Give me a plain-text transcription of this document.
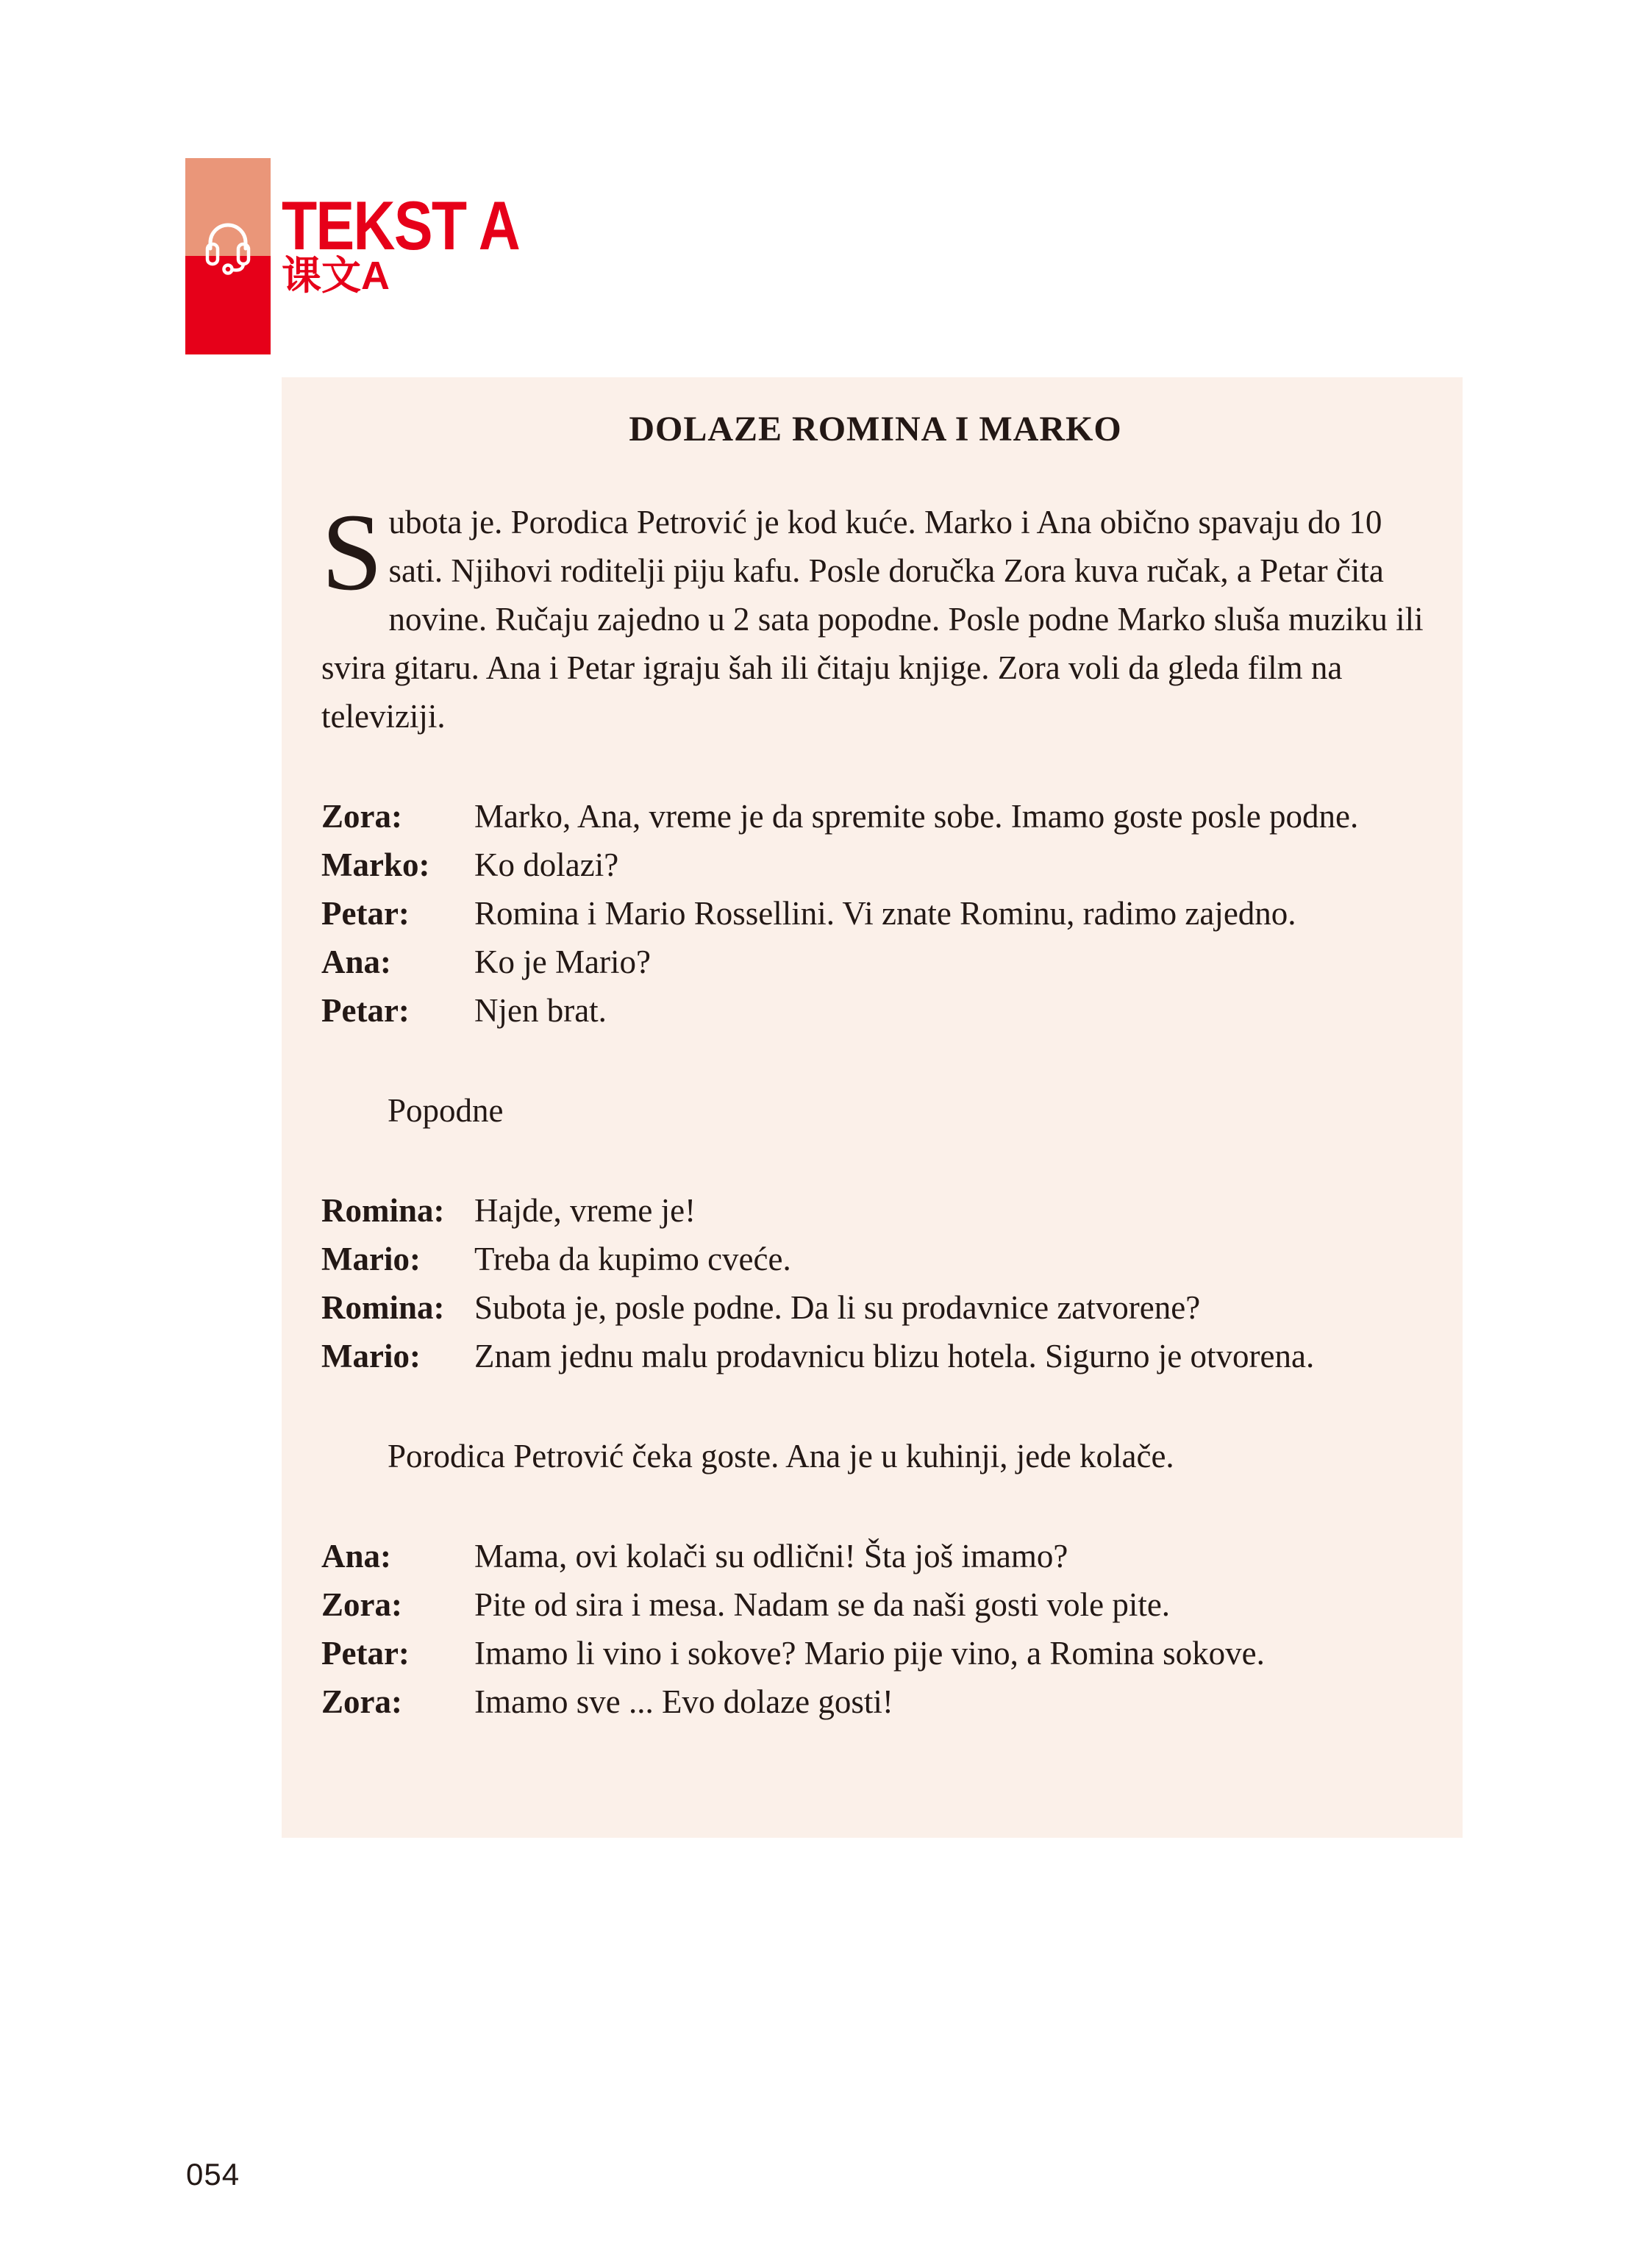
TEKST A
课文A

DOLAZE ROMINA I MARKO

Subota je. Porodica Petrović je kod kuće. Marko i Ana obično spavaju do 10 sati. Njihovi roditelji piju kafu. Posle doručka Zora kuva ručak, a Petar čita novine. Ručaju zajedno u 2 sata popodne. Posle podne Marko sluša muziku ili svira gitaru. Ana i Petar igraju šah ili čitaju knjige. Zora voli da gleda film na televiziji.

Zora:	Marko, Ana, vreme je da spremite sobe. Imamo goste posle podne.
Marko:	Ko dolazi?
Petar:	Romina i Mario Rossellini. Vi znate Rominu, radimo zajedno.
Ana:	Ko je Mario?
Petar:	Njen brat.

Popodne

Romina: Hajde, vreme je!
Mario:	Treba da kupimo cveće.
Romina: Subota je, posle podne. Da li su prodavnice zatvorene?
Mario:	Znam jednu malu prodavnicu blizu hotela. Sigurno je otvorena.

Porodica Petrović čeka goste. Ana je u kuhinji, jede kolače.

Ana:	Mama, ovi kolači su odlični! Šta još imamo?
Zora:	Pite od sira i mesa. Nadam se da naši gosti vole pite.
Petar:	Imamo li vino i sokove? Mario pije vino, a Romina sokove.
Zora:	Imamo sve ... Evo dolaze gosti!
054
